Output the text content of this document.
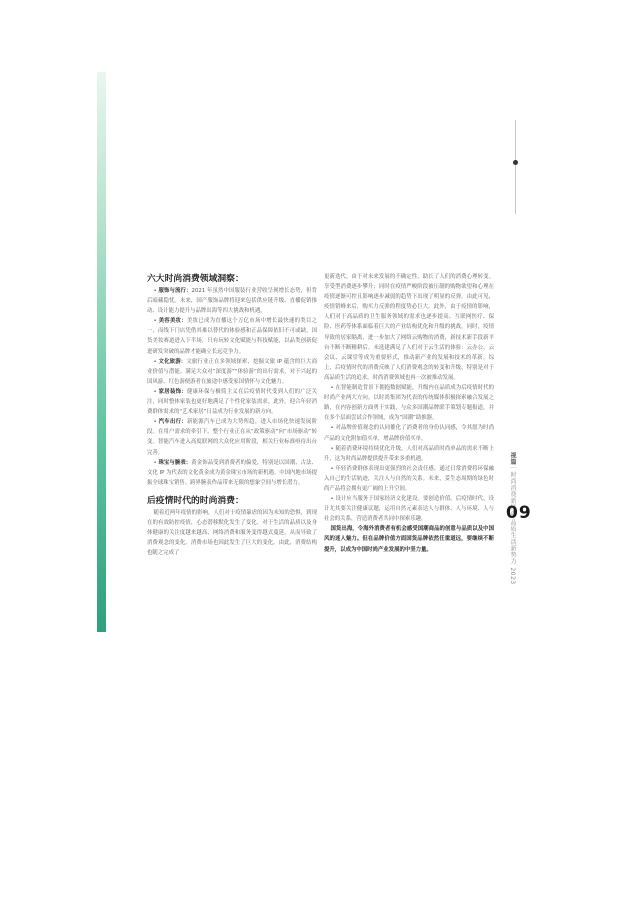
视篇｜时尚消费新风尚·品质生活新势力 2023
09

六大时尚消费领域洞察：

• 服饰与流行：2021 年虽然中国服装行业营收呈现增长态势，但背后暗藏隐忧。未来，国产服饰品牌将迎来包括供应链升级、直播促销推动、设计能力提升与品牌出海等四大挑战和机遇。

• 美容美妆：美妆已成为直播这个万亿市场中增长最快速的类目之一，而线下门店凭借其难以替代的体验感和正品保障依旧不可或缺。国货美妆赛道进入下半场，只有玩转文化赋能与科技赋能，以品类创新促进研发突破的品牌才能确立长远竞争力。

• 文化旅游：文旅行业正在多领域探索，挖掘文旅 IP 蕴含的巨大商业价值与潜能。满足大众对“深度游”“体验游”的出行需求，对于兴起的国风游、红色游便游者在旅途中感受家国情怀与文化魅力。

• 家居装饰：健康环保与极简主义在后疫情时代受到人们的广泛关注，同时整体家装也更好地满足了个性化家装需求。此外，迎合年轻消费群体需求的“艺术家居”日益成为行业发展的新方向。

• 汽车出行：新能源汽车已成为大势所趋，进入市场化快速发展阶段。在用户需求的牵引下，整个行业正在从“政策驱动”向“市场驱动”转变。智能汽车进入高度联网的大众化应用阶段，相关行业标准亟待出台完善。

• 珠宝与腕表：黄金饰品受到消费者的偏爱，特别是以国潮、古法、文化 IP 为代表的文化黄金成为黄金珠宝市场的新机遇。中国内地市场提振全球珠宝销售。跨界腕表作品带来无限的想象空间与增长潜力。

后疫情时代的时尚消费：

随着近两年疫情的影响，人们对于疫情暴虐的因为未知的恐惧，到现在的有效防控疫情，心态潜移默化发生了变化。对于生活的品质以及身体健康的关注度越来越高、网络消费和服务变得越式蔓延，从而导致了消费观念的变化。消费市场也因此发生了巨大的变化。由此，消费结构也随之完成了

更新迭代。由于对未来发展的不确定性，助长了人们的消费心理转变。享受型消费逐步攀升；同时在疫情严峻阶段被压制的购物欲望和心理在疫情逐渐可控且影响逐步减弱的趋势下出现了明显的反弹。由此可见，疫情错峰来后，购买力反弹的程度势必巨大。此外，由于疫情的影响，人们对于高品质的卫生服务领域的需求也逐步提高。互联网医疗、保险、医药等体系面临着巨大的产业结构优化和升级的挑战。同时，疫情导致的居家隔离，进一步加大了网络云购物的消费，新技术新手段新平台不断不断精耕后。未选建满足了人们对于云生活的体验：云办公、云会议、云课堂等成为重要形式，推动新产业的发展和技术的革新。综上，后疫情时代的消费反映了人们消费观念的转变和升级，特别是对于高品质生活的追求，时尚消费领域也再一次被推动发展。

• 在智能制造背景下拥抱数据赋能，升级内在品质成为后疫情时代的时尚产业两大方向。以时尚集团为代表的传统媒体积极探索融合发展之路，在内容创新方面勇于实践，与众多国潮品牌联手策划专题报道，并在多个层面尝试合作领域，成为“国潮”助推器。

• 对品牌价值观念的认同催化了消费者的身份认同感，令其愿为时尚产品的文化附加值买单，增品牌价值买单。

• 随着消费环境持续优化升级，人们对高品质时尚单品的需求不断上升，这为时尚品牌提供提升带来多重机遇。

• 年轻消费群体表现出更强烈的社会责任感。通过日常消费将环保融入自己的生活轨迹，关注人与自然的关系。未来，妥生态周期的绿色时尚产品将会拥有更广阔的上升空间。

• 设计应当服务于国家经济文化建设。要创造价值。后疫情时代，设计尤其要关注健康议题，运用自然元素表达人与群体、人与环境、人与社会的关系，营造消费者共同中探索乐趣。

国货出海，令海外消费者有机会感受国潮商品的创意与品质以及中国风的迷人魅力。但在品牌价值方面国货品牌依然任重道远，要继续不断提升，以成为中国时尚产业发展的中坚力量。
